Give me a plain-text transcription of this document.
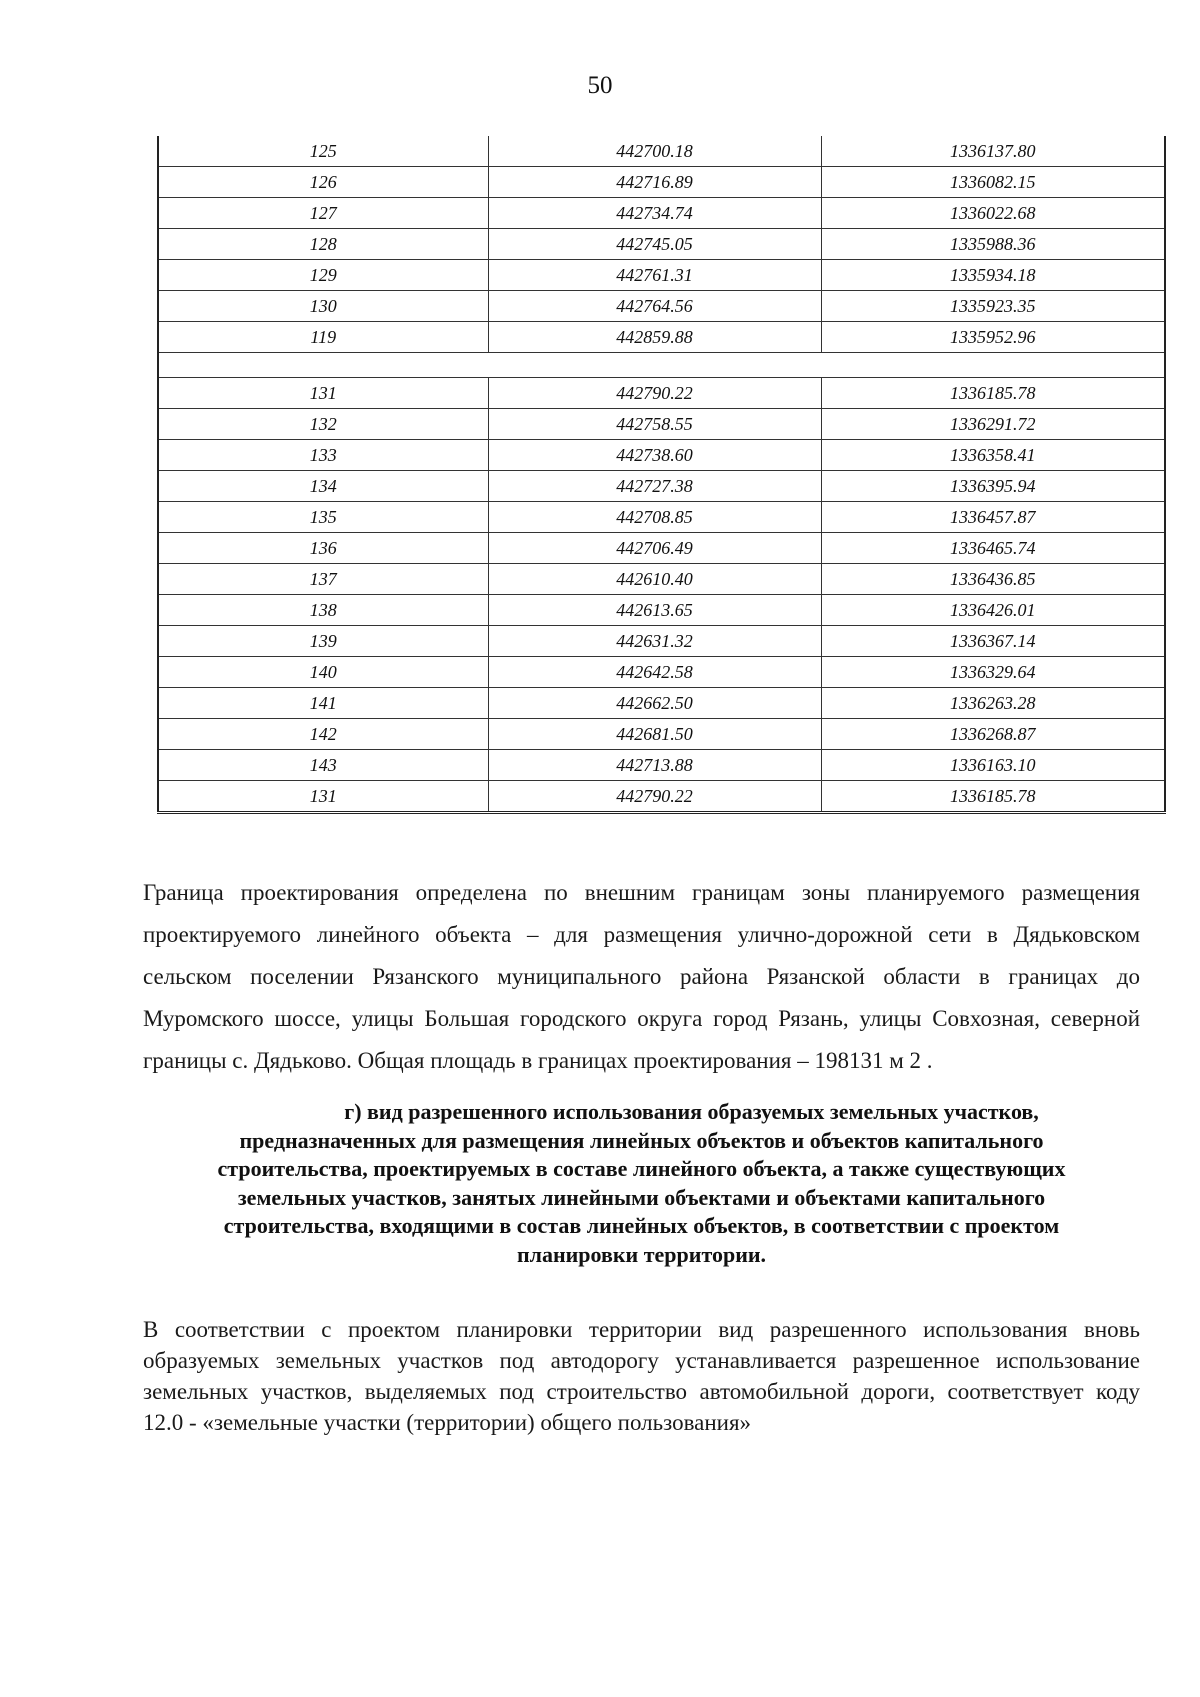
50
125	442700.18	1336137.80
126	442716.89	1336082.15
127	442734.74	1336022.68
128	442745.05	1335988.36
129	442761.31	1335934.18
130	442764.56	1335923.35
119	442859.88	1335952.96

131	442790.22	1336185.78
132	442758.55	1336291.72
133	442738.60	1336358.41
134	442727.38	1336395.94
135	442708.85	1336457.87
136	442706.49	1336465.74
137	442610.40	1336436.85
138	442613.65	1336426.01
139	442631.32	1336367.14
140	442642.58	1336329.64
141	442662.50	1336263.28
142	442681.50	1336268.87
143	442713.88	1336163.10
131	442790.22	1336185.78
Граница проектирования определена по внешним границам зоны планируемого размещения
проектируемого линейного объекта – для размещения улично-дорожной сети в Дядьковском
сельском поселении Рязанского муниципального района Рязанской области в границах до
Муромского шоссе, улицы Большая городского округа город Рязань, улицы Совхозная, северной
границы с. Дядьково. Общая площадь в границах проектирования – 198131 м 2 .
г) вид разрешенного использования образуемых земельных участков,
предназначенных для размещения линейных объектов и объектов капитального
строительства, проектируемых в составе линейного объекта, а также существующих
земельных участков, занятых линейными объектами и объектами капитального
строительства, входящими в состав линейных объектов, в соответствии с проектом
планировки территории.
В соответствии с проектом планировки территории вид разрешенного использования вновь
образуемых земельных участков под автодорогу устанавливается разрешенное использование
земельных участков, выделяемых под строительство автомобильной дороги, соответствует коду
12.0 - «земельные участки (территории) общего пользования»
